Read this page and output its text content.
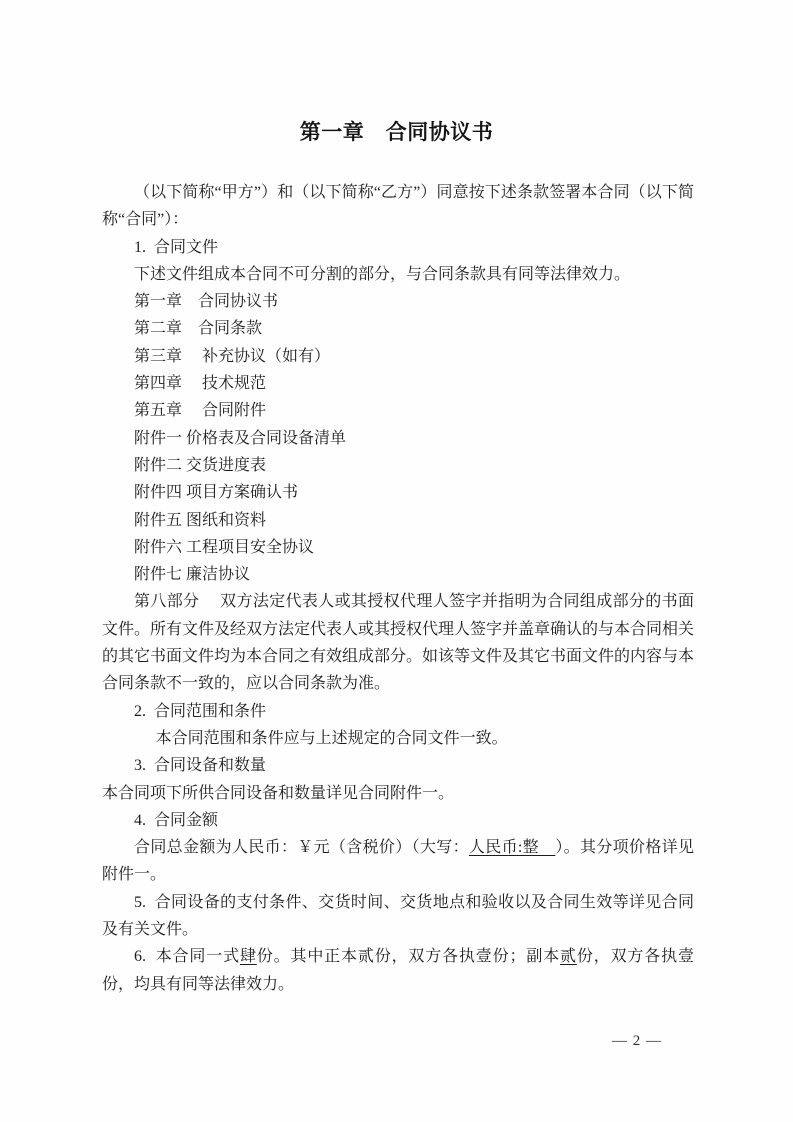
第一章　合同协议书

（以下简称“甲方”）和（以下简称“乙方”）同意按下述条款签署本合同（以下简称“合同”）：

1.  合同文件

下述文件组成本合同不可分割的部分，与合同条款具有同等法律效力。

第一章　合同协议书

第二章　合同条款

第三章　 补充协议（如有）

第四章　 技术规范

第五章　 合同附件

附件一 价格表及合同设备清单

附件二 交货进度表

附件四 项目方案确认书

附件五 图纸和资料

附件六 工程项目安全协议

附件七 廉洁协议

第八部分　 双方法定代表人或其授权代理人签字并指明为合同组成部分的书面文件。所有文件及经双方法定代表人或其授权代理人签字并盖章确认的与本合同相关的其它书面文件均为本合同之有效组成部分。如该等文件及其它书面文件的内容与本合同条款不一致的，应以合同条款为准。

2.  合同范围和条件

本合同范围和条件应与上述规定的合同文件一致。

3.  合同设备和数量

本合同项下所供合同设备和数量详见合同附件一。

4.  合同金额

合同总金额为人民币：￥元（含税价）（大写：人民币:整　）。其分项价格详见附件一。

5.  合同设备的支付条件、交货时间、交货地点和验收以及合同生效等详见合同及有关文件。

6.  本合同一式肆份。其中正本贰份，双方各执壹份；副本贰份，双方各执壹份，均具有同等法律效力。

— 2 —
